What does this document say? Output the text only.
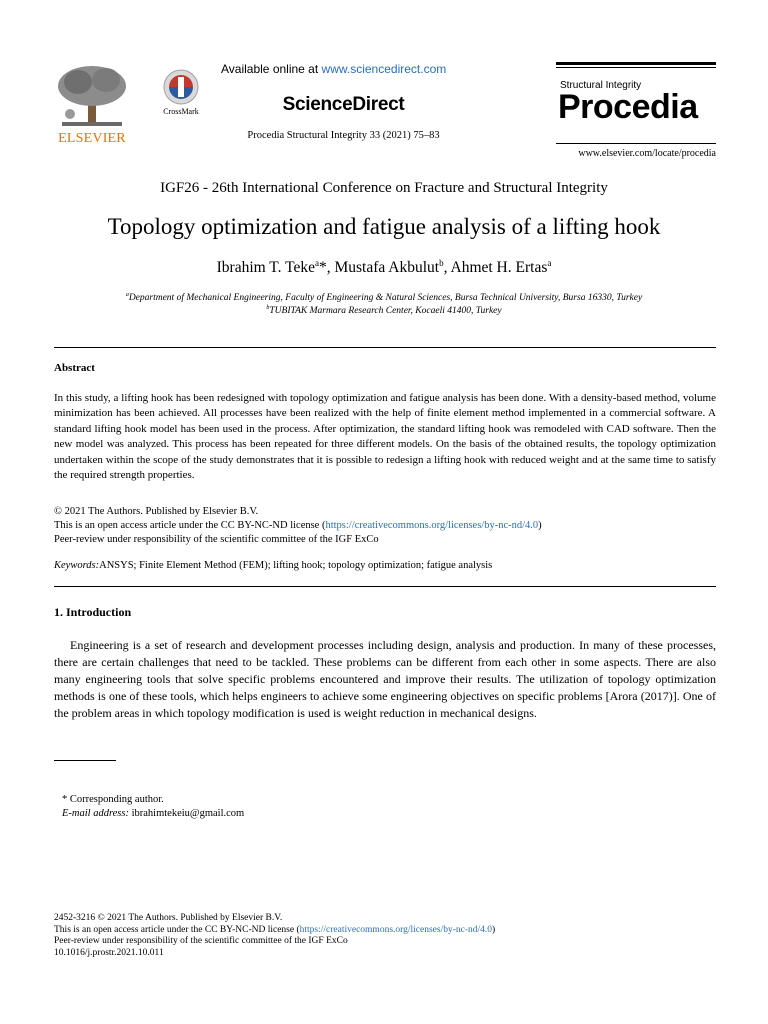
ELSEVIER
CrossMark
Available online at www.sciencedirect.com
ScienceDirect
Procedia Structural Integrity 33 (2021) 75–83
Structural Integrity
Procedia
www.elsevier.com/locate/procedia
IGF26 - 26th International Conference on Fracture and Structural Integrity
Topology optimization and fatigue analysis of a lifting hook
Ibrahim T. Teke$^a$*, Mustafa Akbulut$^b$, Ahmet H. Ertas$^a$
$^a$Department of Mechanical Engineering, Faculty of Engineering & Natural Sciences, Bursa Technical University, Bursa 16330, Turkey
$^b$TUBITAK Marmara Research Center, Kocaeli 41400, Turkey
Abstract
In this study, a lifting hook has been redesigned with topology optimization and fatigue analysis has been done. With a density-based method, volume minimization has been achieved. All processes have been realized with the help of finite element method implemented in a commercial software. A standard lifting hook model has been used in the process. After optimization, the standard lifting hook was remodeled with CAD software. Then the new model was analyzed. This process has been repeated for three different models. On the basis of the obtained results, the topology optimization undertaken within the scope of the study demonstrates that it is possible to redesign a lifting hook with reduced weight and at the same time to satisfy the required strength properties.
© 2021 The Authors. Published by Elsevier B.V.
This is an open access article under the CC BY-NC-ND license (https://creativecommons.org/licenses/by-nc-nd/4.0)
Peer-review under responsibility of the scientific committee of the IGF ExCo
Keywords:ANSYS; Finite Element Method (FEM); lifting hook; topology optimization; fatigue analysis
1. Introduction
Engineering is a set of research and development processes including design, analysis and production. In many of these processes, there are certain challenges that need to be tackled. These problems can be different from each other in some aspects. There are also many engineering tools that solve specific problems encountered and improve their results. The utilization of topology optimization methods is one of these tools, which helps engineers to achieve some engineering objectives on specific problems [Arora (2017)]. One of the problem areas in which topology modification is used is weight reduction in mechanical designs.
* Corresponding author.
E-mail address: ibrahimtekeiu@gmail.com
2452-3216 © 2021 The Authors. Published by Elsevier B.V.
This is an open access article under the CC BY-NC-ND license (https://creativecommons.org/licenses/by-nc-nd/4.0)
Peer-review under responsibility of the scientific committee of the IGF ExCo
10.1016/j.prostr.2021.10.011
